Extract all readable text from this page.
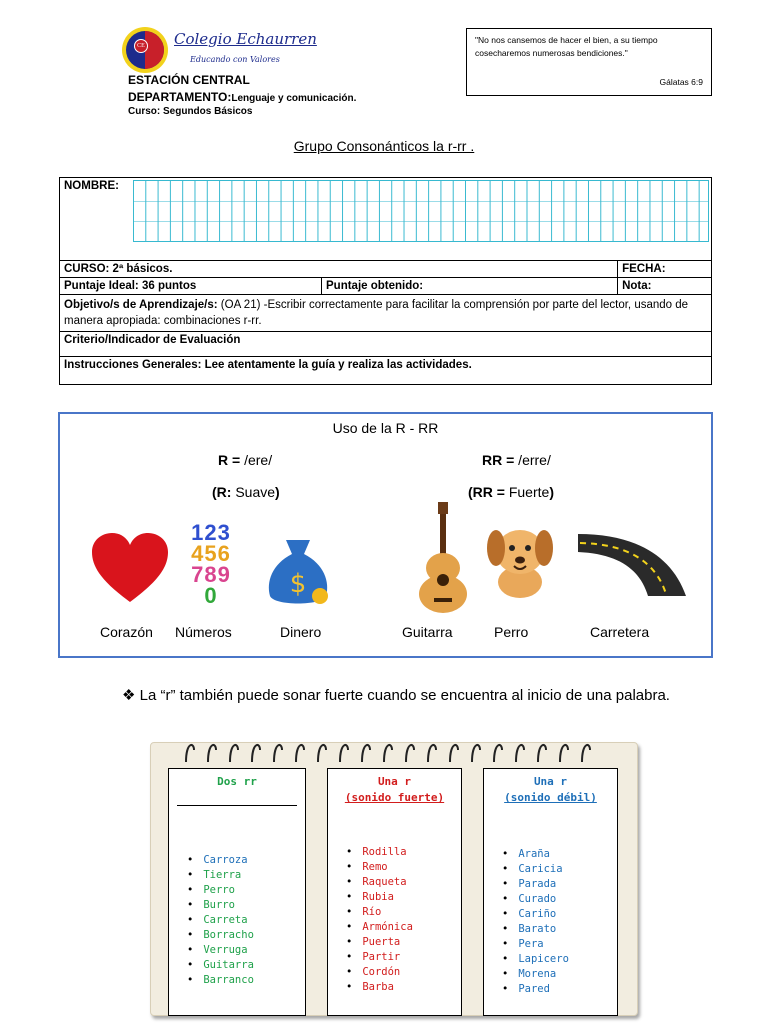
CE Colegio Echaurren
Educando con Valores
ESTACIÓN CENTRAL
DEPARTAMENTO:Lenguaje y comunicación.
Curso: Segundos Básicos
"No nos cansemos de hacer el bien, a su tiempo cosecharemos numerosas bendiciones."
Gálatas 6:9
Grupo Consonánticos la r-rr .
NOMBRE:		
CURSO: 2ª básicos.		FECHA:
Puntaje Ideal: 36 puntos	Puntaje obtenido:	Nota:
Objetivo/s de Aprendizaje/s: (OA 21) -Escribir correctamente para facilitar la comprensión por parte del lector, usando de manera apropiada: combinaciones r-rr.		
Criterio/Indicador de Evaluación		
Instrucciones Generales: Lee atentamente la guía y realiza las actividades.		
Uso de la R - RR
R = /ere/
(R: Suave)
RR = /erre/
(RR = Fuerte)
123
456
789
0	$
Corazón Números	Dinero	Guitarra	Perro	Carretera
❖ La “r” también puede sonar fuerte cuando se encuentra al inicio de una palabra.
Dos rr
• Carroza
• Tierra
• Perro
• Burro
• Carreta
• Borracho
• Verruga
• Guitarra
• Barranco
Una r
(sonido fuerte)
• Rodilla
• Remo
• Raqueta
• Rubia
• Río
• Armónica
• Puerta
• Partir
• Cordón
• Barba
Una r
(sonido débil)
• Araña
• Caricia
• Parada
• Curado
• Cariño
• Barato
• Pera
• Lapicero
• Morena
• Pared
